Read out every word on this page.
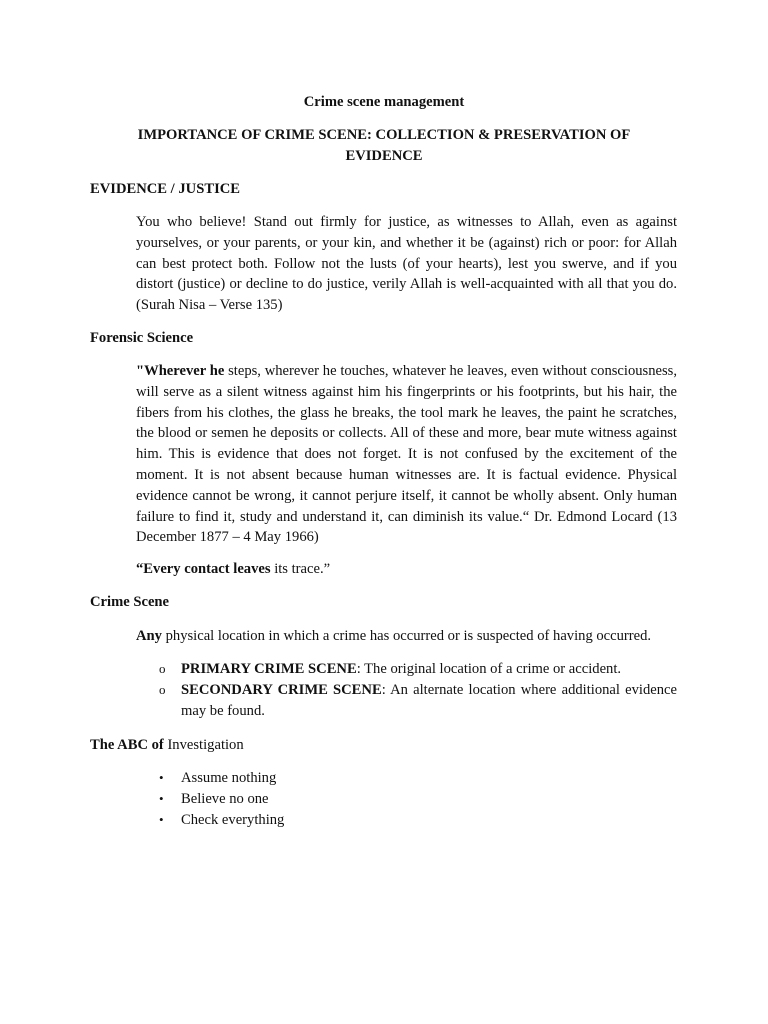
Crime scene management

IMPORTANCE OF CRIME SCENE: COLLECTION & PRESERVATION OF EVIDENCE

EVIDENCE / JUSTICE

You who believe! Stand out firmly for justice, as witnesses to Allah, even as against yourselves, or your parents, or your kin, and whether it be (against) rich or poor: for Allah can best protect both. Follow not the lusts (of your hearts), lest you swerve, and if you distort (justice) or decline to do justice, verily Allah is well-acquainted with all that you do. (Surah Nisa – Verse 135)

Forensic Science

"Wherever he steps, wherever he touches, whatever he leaves, even without consciousness, will serve as a silent witness against him his fingerprints or his footprints, but his hair, the fibers from his clothes, the glass he breaks, the tool mark he leaves, the paint he scratches, the blood or semen he deposits or collects. All of these and more, bear mute witness against him. This is evidence that does not forget. It is not confused by the excitement of the moment. It is not absent because human witnesses are. It is factual evidence. Physical evidence cannot be wrong, it cannot perjure itself, it cannot be wholly absent. Only human failure to find it, study and understand it, can diminish its value.“ Dr. Edmond Locard (13 December 1877 – 4 May 1966)

“Every contact leaves its trace.”

Crime Scene

Any physical location in which a crime has occurred or is suspected of having occurred.

o PRIMARY CRIME SCENE: The original location of a crime or accident.
o SECONDARY CRIME SCENE: An alternate location where additional evidence may be found.

The ABC of Investigation

•	Assume nothing
•	Believe no one
•	Check everything
